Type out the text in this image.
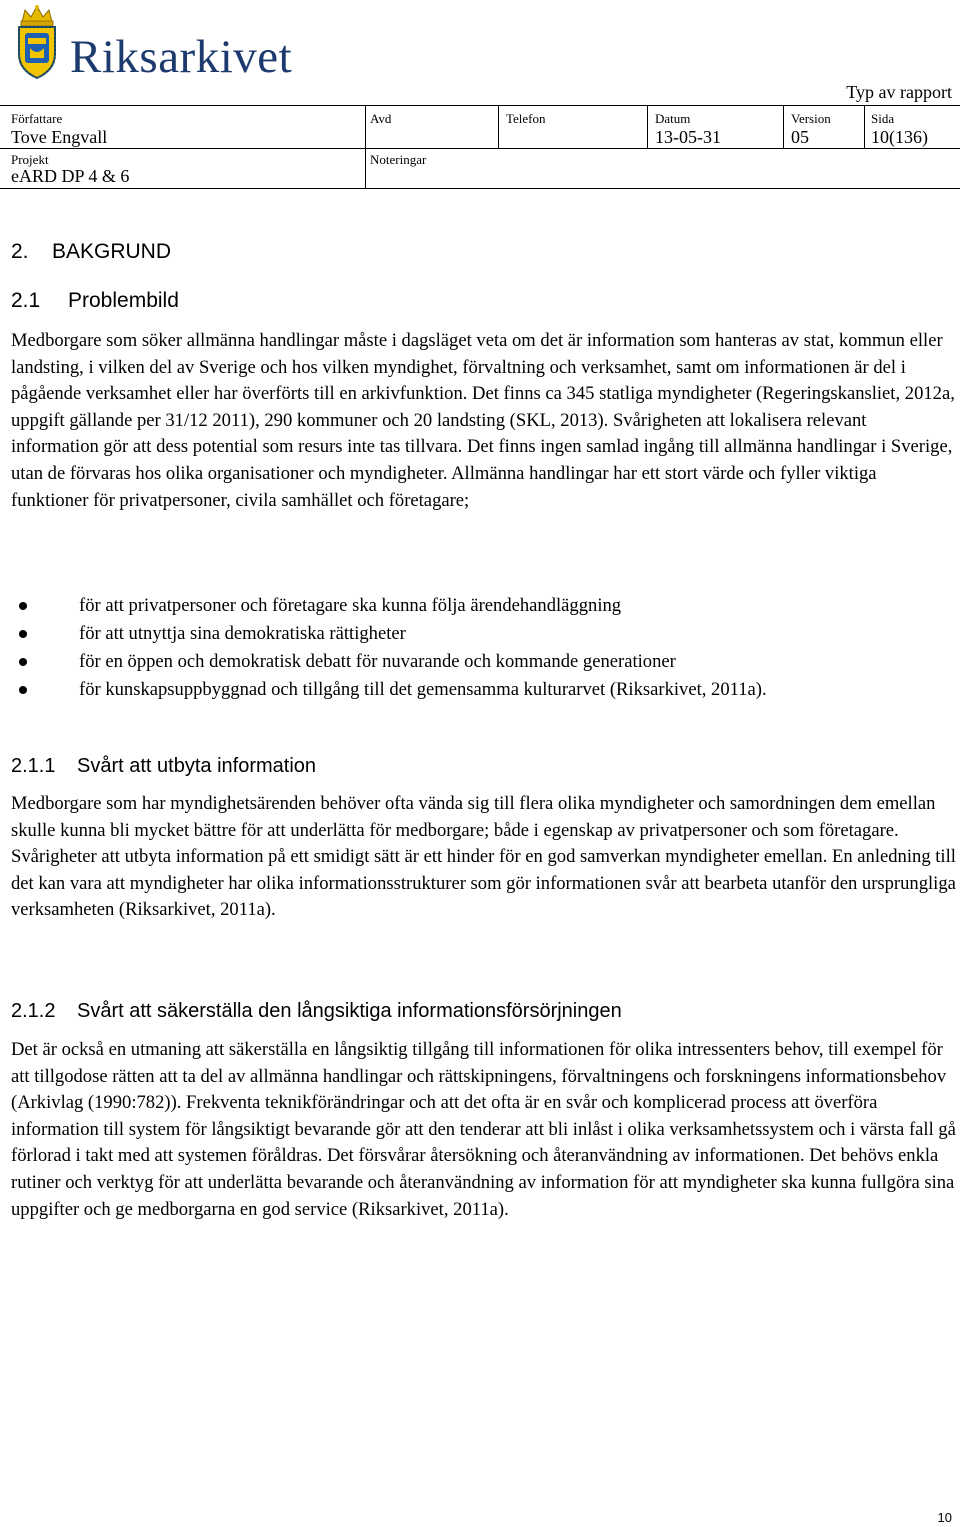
Riksarkivet
Typ av rapport
Författare
Tove Engvall
Projekt
eARD DP 4 & 6
Avd
Noteringar
Telefon	Datum
13-05-31
Version
05
Sida
10(136)
2. BAKGRUND
2.1 Problembild

Medborgare som söker allmänna handlingar måste i dagsläget veta om det är information som hanteras av stat, kommun eller landsting, i vilken del av Sverige och hos vilken myndighet, förvaltning och verksamhet, samt om informationen är del i pågående verksamhet eller har överförts till en arkivfunktion. Det finns ca 345 statliga myndigheter (Regeringskansliet, 2012a, uppgift gällande per 31/12 2011), 290 kommuner och 20 landsting (SKL, 2013). Svårigheten att lokalisera relevant information gör att dess potential som resurs inte tas tillvara. Det finns ingen samlad ingång till allmänna handlingar i Sverige, utan de förvaras hos olika organisationer och myndigheter. Allmänna handlingar har ett stort värde och fyller viktiga funktioner för privatpersoner, civila samhället och företagare;

för att privatpersoner och företagare ska kunna följa ärendehandläggning
för att utnyttja sina demokratiska rättigheter
för en öppen och demokratisk debatt för nuvarande och kommande generationer
för kunskapsuppbyggnad och tillgång till det gemensamma kulturarvet (Riksarkivet, 2011a).
2.1.1 Svårt att utbyta information

Medborgare som har myndighetsärenden behöver ofta vända sig till flera olika myndigheter och samordningen dem emellan skulle kunna bli mycket bättre för att underlätta för medborgare; både i egenskap av privatpersoner och som företagare. Svårigheter att utbyta information på ett smidigt sätt är ett hinder för en god samverkan myndigheter emellan. En anledning till det kan vara att myndigheter har olika informationsstrukturer som gör informationen svår att bearbeta utanför den ursprungliga verksamheten (Riksarkivet, 2011a).

2.1.2 Svårt att säkerställa den långsiktiga informationsförsörjningen

Det är också en utmaning att säkerställa en långsiktig tillgång till informationen för olika intressenters behov, till exempel för att tillgodose rätten att ta del av allmänna handlingar och rättskipningens, förvaltningens och forskningens informationsbehov (Arkivlag (1990:782)). Frekventa teknikförändringar och att det ofta är en svår och komplicerad process att överföra information till system för långsiktigt bevarande gör att den tenderar att bli inlåst i olika verksamhetssystem och i värsta fall gå förlorad i takt med att systemen föråldras. Det försvårar återsökning och återanvändning av informationen. Det behövs enkla rutiner och verktyg för att underlätta bevarande och återanvändning av information för att myndigheter ska kunna fullgöra sina uppgifter och ge medborgarna en god service (Riksarkivet, 2011a).

10
